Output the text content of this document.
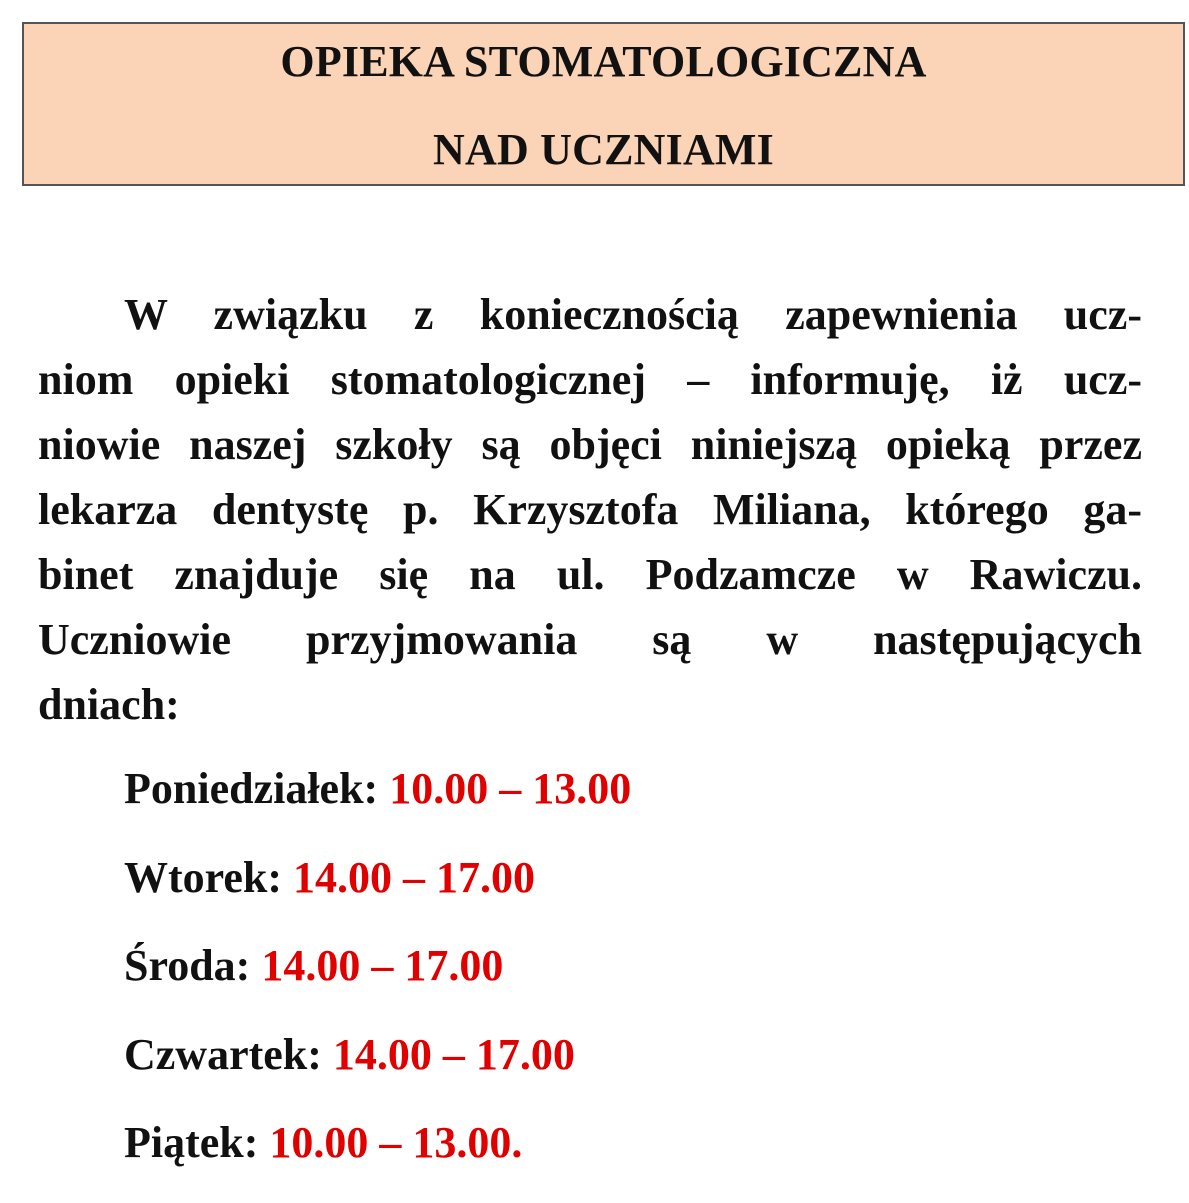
OPIEKA STOMATOLOGICZNA
NAD UCZNIAMI
W związku z koniecznością zapewnienia ucz-
niom opieki stomatologicznej – informuję, iż ucz-
niowie naszej szkoły są objęci niniejszą opieką przez
lekarza dentystę p. Krzysztofa Miliana, którego ga-
binet znajduje się na ul. Podzamcze w Rawiczu.
Uczniowie przyjmowania są w następujących
dniach:
Poniedziałek: 10.00 – 13.00
Wtorek: 14.00 – 17.00
Środa: 14.00 – 17.00
Czwartek: 14.00 – 17.00
Piątek: 10.00 – 13.00.
